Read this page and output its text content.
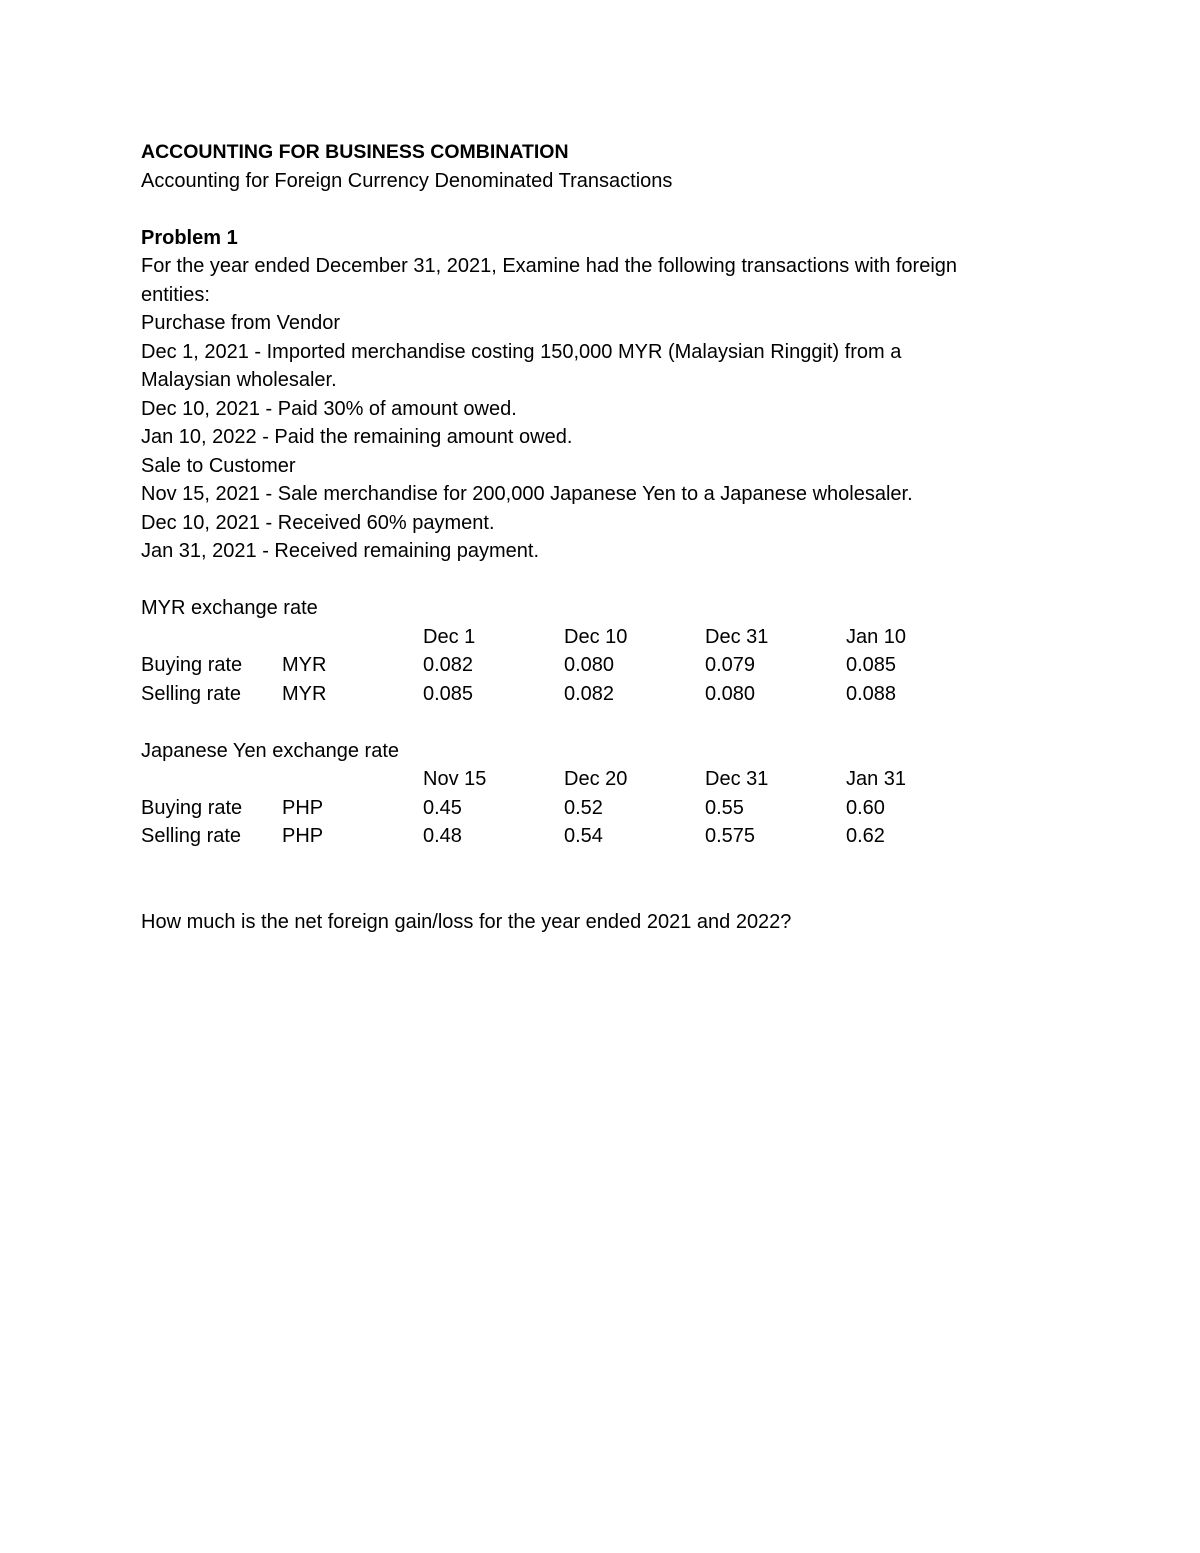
ACCOUNTING FOR BUSINESS COMBINATION
Accounting for Foreign Currency Denominated Transactions
Problem 1
For the year ended December 31, 2021, Examine had the following transactions with foreign
entities:
Purchase from Vendor
Dec 1, 2021 - Imported merchandise costing 150,000 MYR (Malaysian Ringgit) from a
Malaysian wholesaler.
Dec 10, 2021 - Paid 30% of amount owed.
Jan 10, 2022 - Paid the remaining amount owed.
Sale to Customer
Nov 15, 2021 - Sale merchandise for 200,000 Japanese Yen to a Japanese wholesaler.
Dec 10, 2021 - Received 60% payment.
Jan 31, 2021 - Received remaining payment.
MYR exchange rate
Dec 1	Dec 10	Dec 31	Jan 10
Buying rate MYR	0.082	0.080	0.079	0.085
Selling rate MYR	0.085	0.082	0.080	0.088
Japanese Yen exchange rate
Nov 15	Dec 20	Dec 31	Jan 31
Buying rate PHP	0.45	0.52	0.55	0.60
Selling rate PHP	0.48	0.54	0.575	0.62
How much is the net foreign gain/loss for the year ended 2021 and 2022?
